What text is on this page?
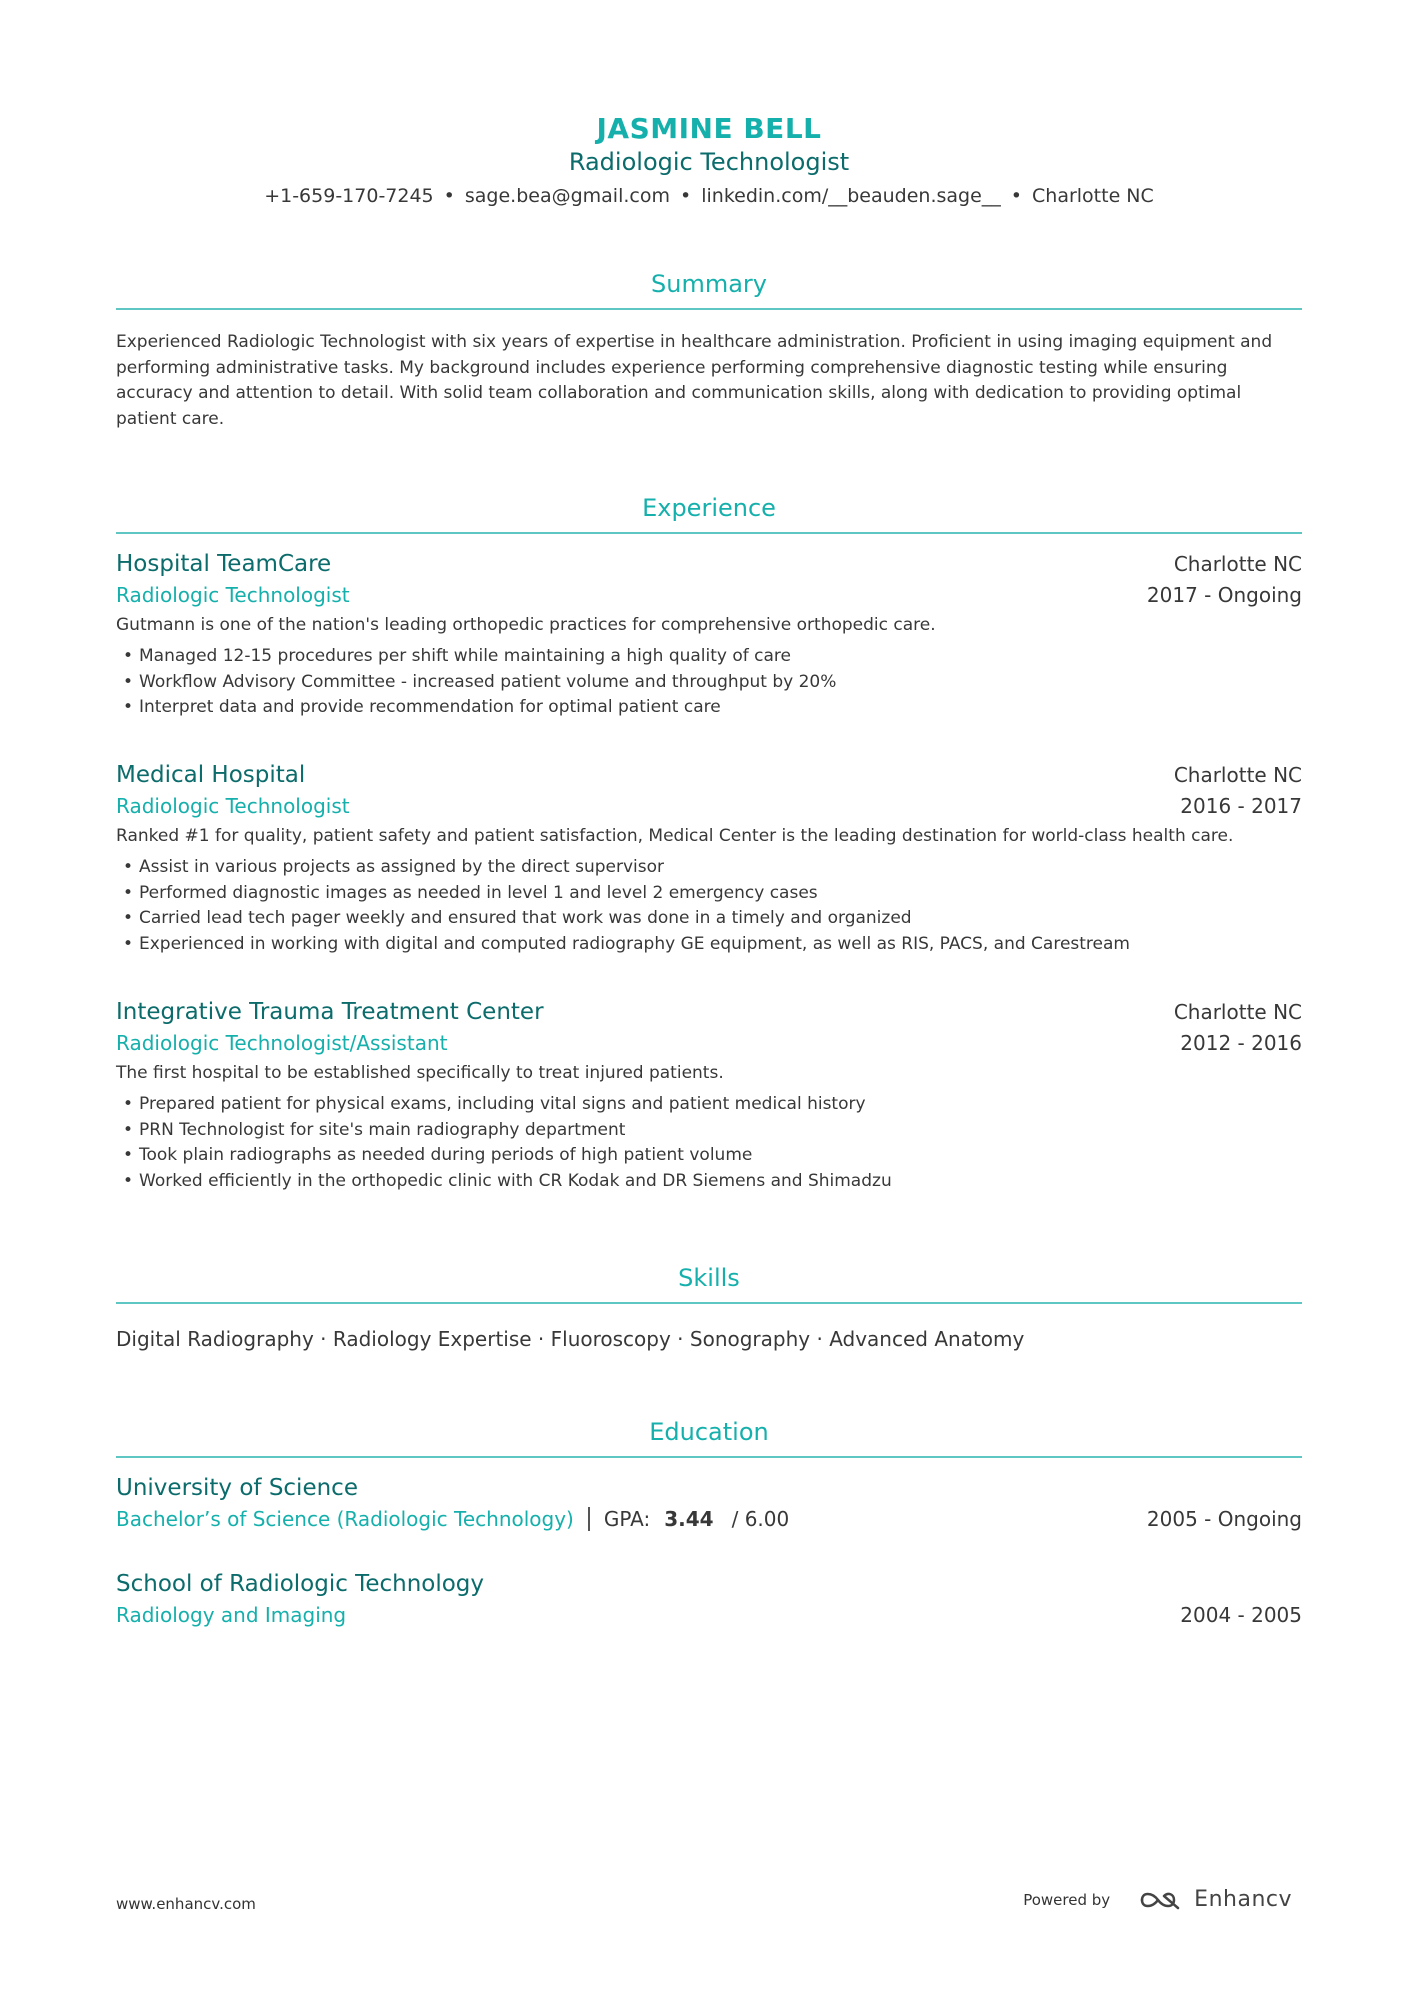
JASMINE BELL
Radiologic Technologist
+1-659-170-7245 • sage.bea@gmail.com • linkedin.com/__beauden.sage__ • Charlotte NC
Summary
Experienced Radiologic Technologist with six years of expertise in healthcare administration. Proficient in using imaging equipment and performing administrative tasks. My background includes experience performing comprehensive diagnostic testing while ensuring accuracy and attention to detail. With solid team collaboration and communication skills, along with dedication to providing optimal patient care.
Experience
Hospital TeamCare	Charlotte NC
Radiologic Technologist	2017 - Ongoing
Gutmann is one of the nation's leading orthopedic practices for comprehensive orthopedic care.
• Managed 12-15 procedures per shift while maintaining a high quality of care
• Workflow Advisory Committee - increased patient volume and throughput by 20%
• Interpret data and provide recommendation for optimal patient care
Medical Hospital	Charlotte NC
Radiologic Technologist	2016 - 2017
Ranked #1 for quality, patient safety and patient satisfaction, Medical Center is the leading destination for world-class health care.
• Assist in various projects as assigned by the direct supervisor
• Performed diagnostic images as needed in level 1 and level 2 emergency cases
• Carried lead tech pager weekly and ensured that work was done in a timely and organized
• Experienced in working with digital and computed radiography GE equipment, as well as RIS, PACS, and Carestream
Integrative Trauma Treatment Center	Charlotte NC
Radiologic Technologist/Assistant	2012 - 2016
The first hospital to be established specifically to treat injured patients.
• Prepared patient for physical exams, including vital signs and patient medical history
• PRN Technologist for site's main radiography department
• Took plain radiographs as needed during periods of high patient volume
• Worked efficiently in the orthopedic clinic with CR Kodak and DR Siemens and Shimadzu
Skills
Digital Radiography · Radiology Expertise · Fluoroscopy · Sonography · Advanced Anatomy
Education
University of Science
Bachelor’s of Science (Radiologic Technology) GPA: 3.44 / 6.00	2005 - Ongoing
School of Radiologic Technology
Radiology and Imaging	2004 - 2005
www.enhancv.com	Powered by	Enhancv
